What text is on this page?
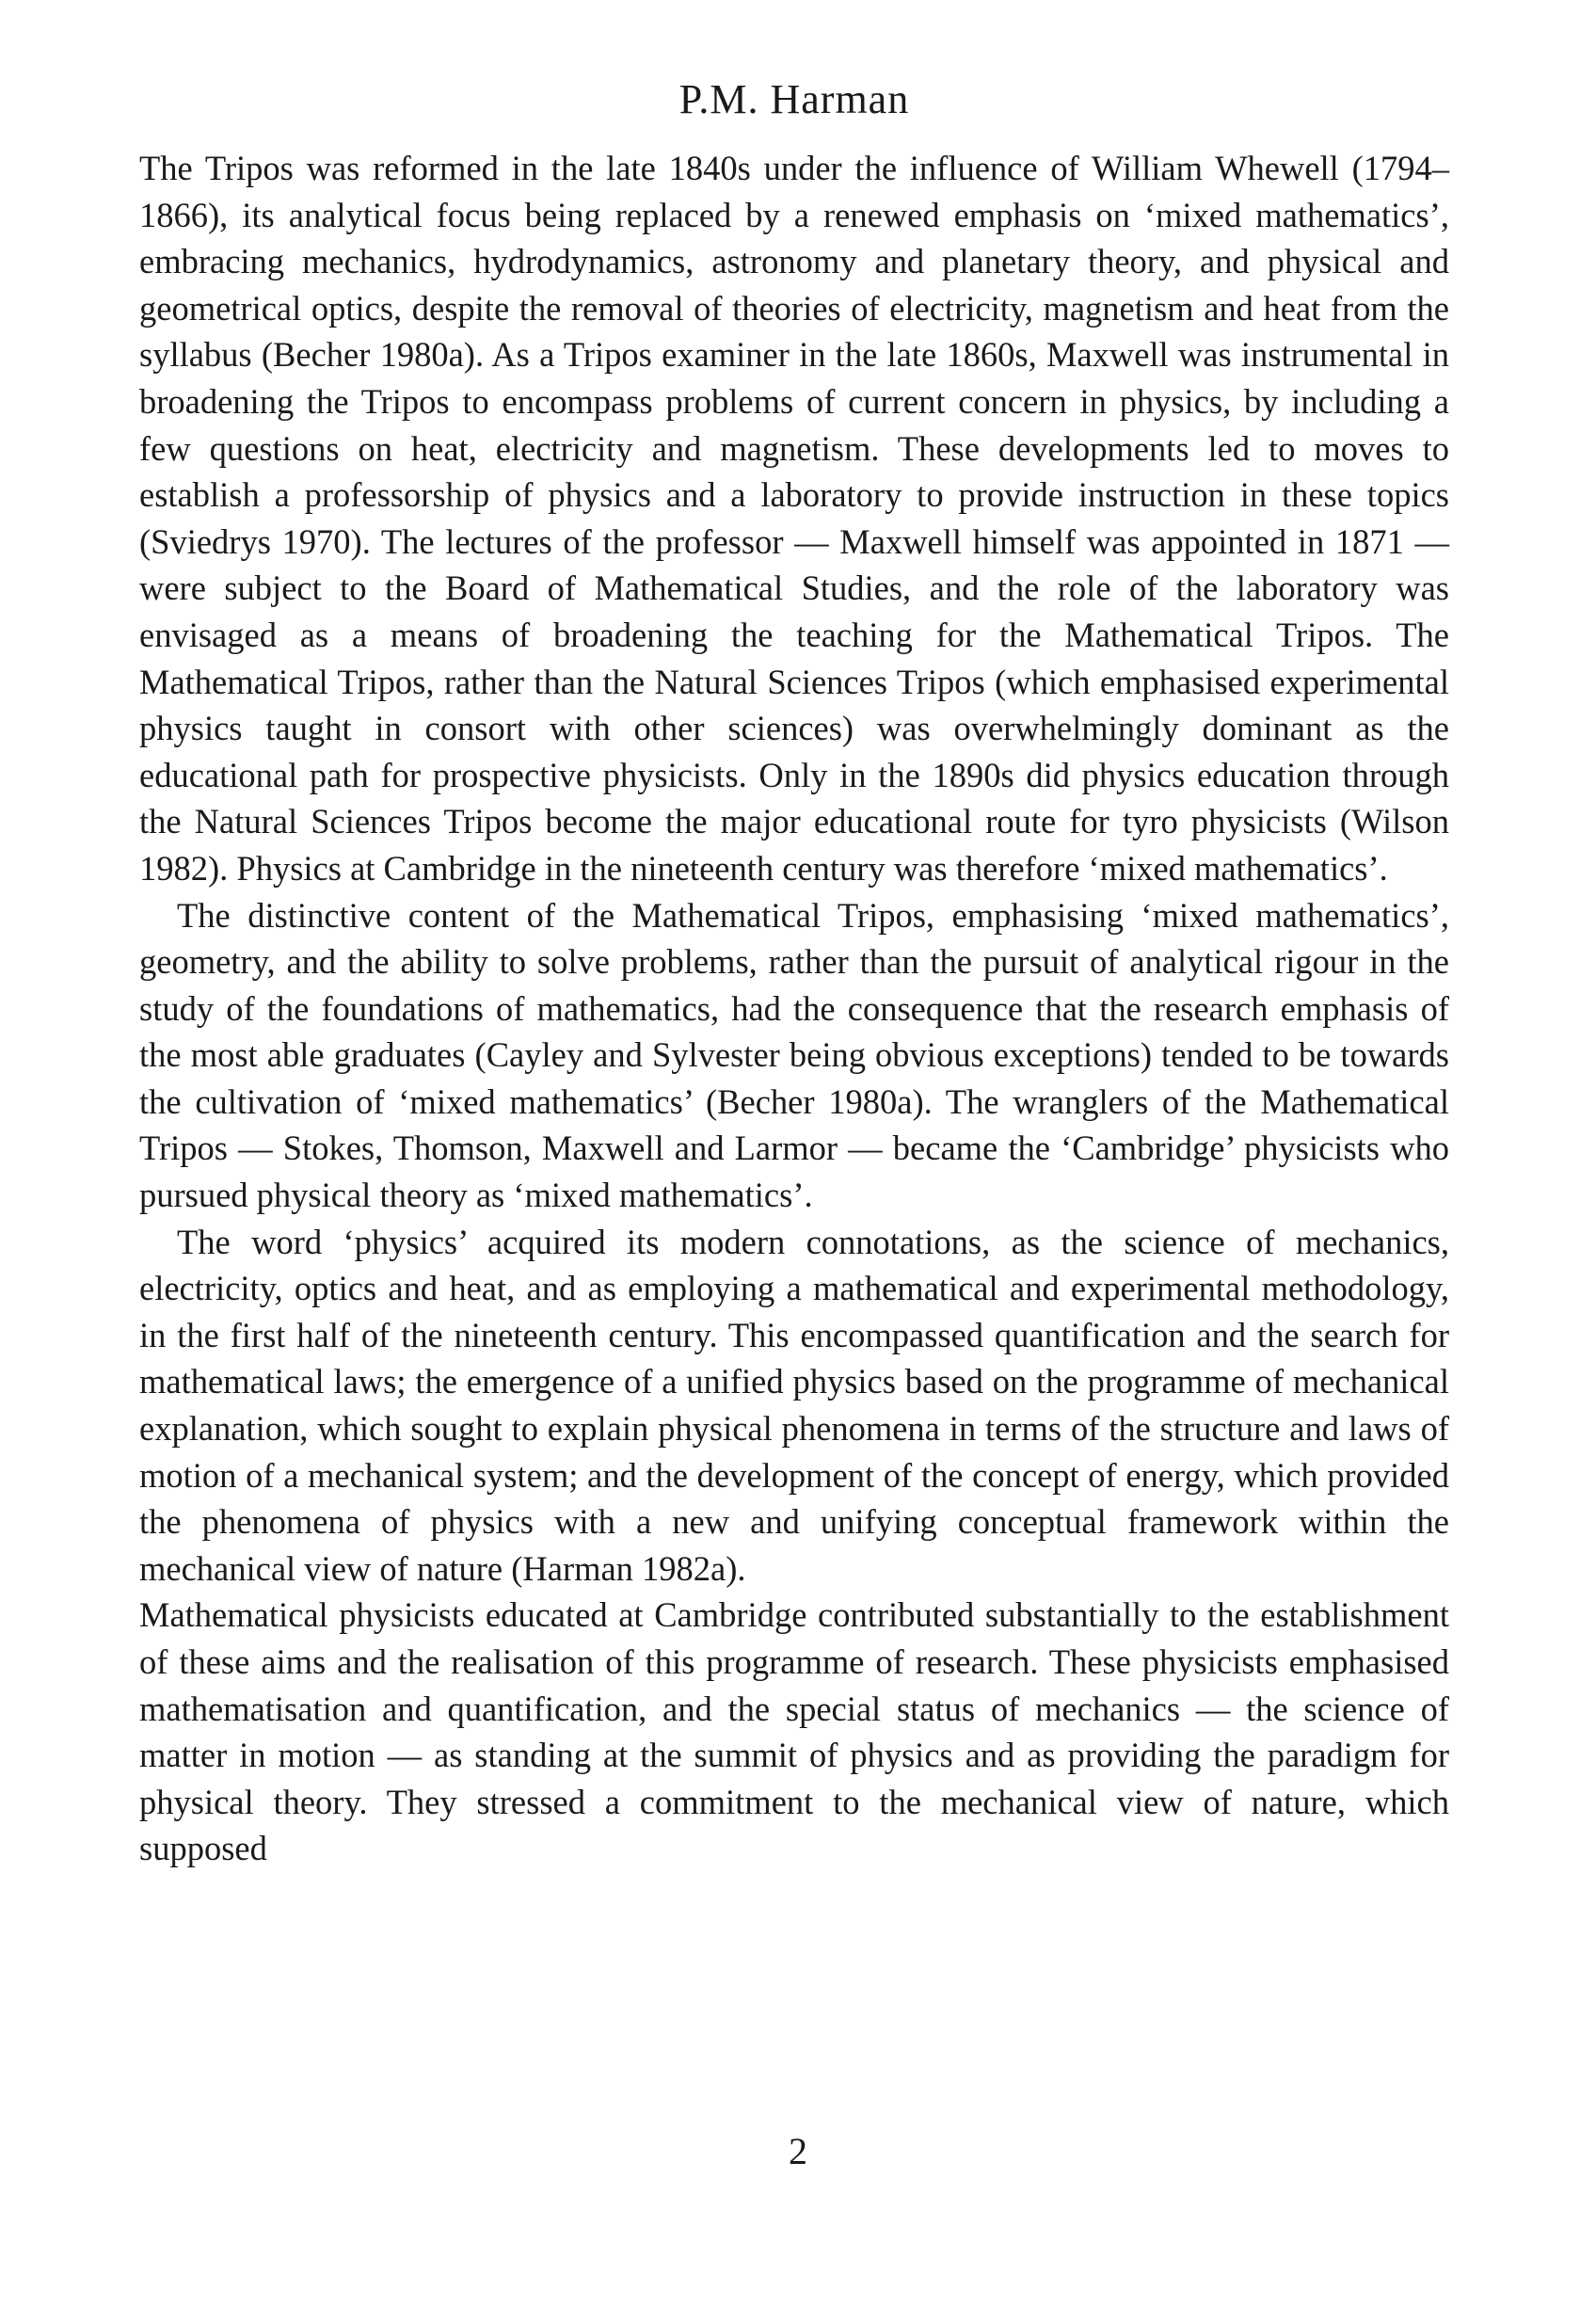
P.M. Harman

The Tripos was reformed in the late 1840s under the influence of William Whewell (1794–1866), its analytical focus being replaced by a renewed emphasis on ‘mixed mathematics’, embracing mechanics, hydrodynamics, astronomy and planetary theory, and physical and geometrical optics, despite the removal of theories of electricity, magnetism and heat from the syllabus (Becher 1980a). As a Tripos examiner in the late 1860s, Maxwell was instrumental in broadening the Tripos to encompass problems of current concern in physics, by including a few questions on heat, electricity and magnetism. These developments led to moves to establish a professorship of physics and a laboratory to provide instruction in these topics (Sviedrys 1970). The lectures of the professor — Maxwell himself was appointed in 1871 — were subject to the Board of Mathematical Studies, and the role of the laboratory was envisaged as a means of broadening the teaching for the Mathematical Tripos. The Mathematical Tripos, rather than the Natural Sciences Tripos (which emphasised experimental physics taught in consort with other sciences) was overwhelmingly dominant as the educational path for prospective physicists. Only in the 1890s did physics education through the Natural Sciences Tripos become the major educational route for tyro physicists (Wilson 1982). Physics at Cambridge in the nineteenth century was therefore ‘mixed mathematics’.

The distinctive content of the Mathematical Tripos, emphasising ‘mixed mathematics’, geometry, and the ability to solve problems, rather than the pursuit of analytical rigour in the study of the foundations of mathematics, had the consequence that the research emphasis of the most able graduates (Cayley and Sylvester being obvious exceptions) tended to be towards the cultivation of ‘mixed mathematics’ (Becher 1980a). The wranglers of the Mathematical Tripos — Stokes, Thomson, Maxwell and Larmor — became the ‘Cambridge’ physicists who pursued physical theory as ‘mixed mathematics’.

The word ‘physics’ acquired its modern connotations, as the science of mechanics, electricity, optics and heat, and as employing a mathematical and experimental methodology, in the first half of the nineteenth century. This encompassed quantification and the search for mathematical laws; the emergence of a unified physics based on the programme of mechanical explanation, which sought to explain physical phenomena in terms of the structure and laws of motion of a mechanical system; and the development of the concept of energy, which provided the phenomena of physics with a new and unifying conceptual framework within the mechanical view of nature (Harman 1982a).

Mathematical physicists educated at Cambridge contributed substantially to the establishment of these aims and the realisation of this programme of research. These physicists emphasised mathematisation and quantification, and the special status of mechanics — the science of matter in motion — as standing at the summit of physics and as providing the paradigm for physical theory. They stressed a commitment to the mechanical view of nature, which supposed

2
